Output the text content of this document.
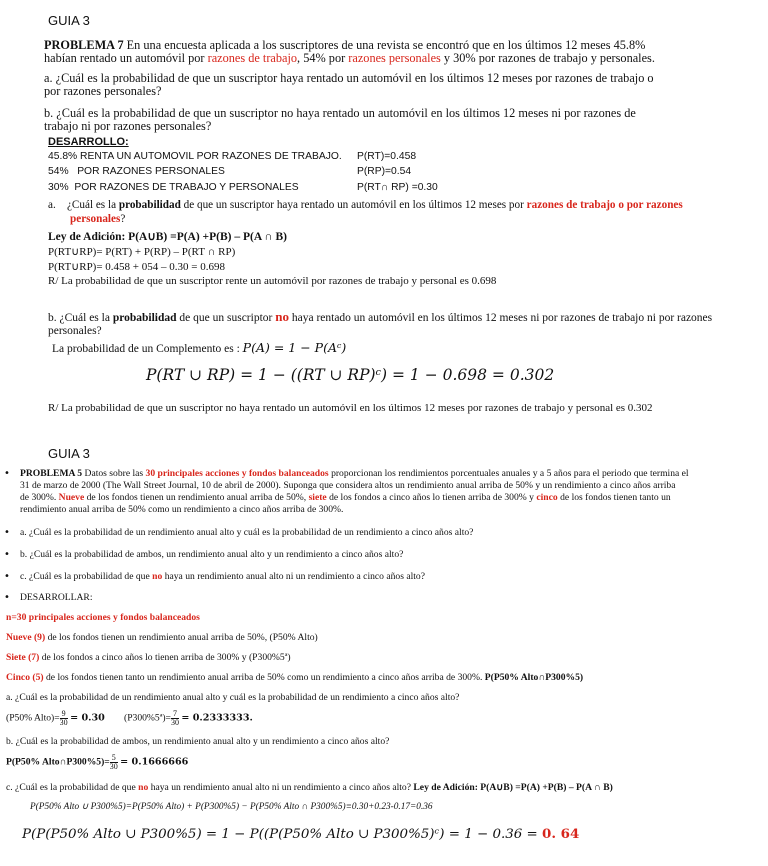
GUIA 3
PROBLEMA 7 En una encuesta aplicada a los suscriptores de una revista se encontró que en los últimos 12 meses 45.8%
habían rentado un automóvil por razones de trabajo, 54% por razones personales y 30% por razones de trabajo y personales.
a. ¿Cuál es la probabilidad de que un suscriptor haya rentado un automóvil en los últimos 12 meses por razones de trabajo o
por razones personales?
b. ¿Cuál es la probabilidad de que un suscriptor no haya rentado un automóvil en los últimos 12 meses ni por razones de
trabajo ni por razones personales?
DESARROLLO:
45.8% RENTA UN AUTOMOVIL POR RAZONES DE TRABAJO. P(RT)=0.458
54%   POR RAZONES PERSONALES	P(RP)=0.54
30%  POR RAZONES DE TRABAJO Y PERSONALES	P(RT∩ RP) =0.30
a. ¿Cuál es la probabilidad de que un suscriptor haya rentado un automóvil en los últimos 12 meses por razones de trabajo o por razones
personales?
Ley de Adición: P(A∪B) =P(A) +P(B) – P(A ∩ B)
P(RT∪RP)= P(RT) + P(RP) – P(RT ∩ RP)
P(RT∪RP)= 0.458 + 054 – 0.30 = 0.698
R/ La probabilidad de que un suscriptor rente un automóvil por razones de trabajo y personal es 0.698
b. ¿Cuál es la probabilidad de que un suscriptor no haya rentado un automóvil en los últimos 12 meses ni por razones de trabajo ni por razones
personales?
La probabilidad de un Complemento es : P(A) = 1 − P(Aᶜ)
P(RT ∪ RP) = 1 − ((RT ∪ RP)ᶜ) = 1 − 0.698 = 0.302
R/ La probabilidad de que un suscriptor no haya rentado un automóvil en los últimos 12 meses por razones de trabajo y personal es 0.302
GUIA 3
• PROBLEMA 5 Datos sobre las 30 principales acciones y fondos balanceados proporcionan los rendimientos porcentuales anuales y a 5 años para el periodo que termina el
31 de marzo de 2000 (The Wall Street Journal, 10 de abril de 2000). Suponga que considera altos un rendimiento anual arriba de 50% y un rendimiento a cinco años arriba
de 300%. Nueve de los fondos tienen un rendimiento anual arriba de 50%, siete de los fondos a cinco años lo tienen arriba de 300% y cinco de los fondos tienen tanto un
rendimiento anual arriba de 50% como un rendimiento a cinco años arriba de 300%.
• a. ¿Cuál es la probabilidad de un rendimiento anual alto y cuál es la probabilidad de un rendimiento a cinco años alto?
• b. ¿Cuál es la probabilidad de ambos, un rendimiento anual alto y un rendimiento a cinco años alto?
• c. ¿Cuál es la probabilidad de que no haya un rendimiento anual alto ni un rendimiento a cinco años alto?
• DESARROLLAR:
n=30 principales acciones y fondos balanceados
Nueve (9) de los fondos tienen un rendimiento anual arriba de 50%, (P50% Alto)
Siete (7) de los fondos a cinco años lo tienen arriba de 300% y (P300%5ª)
Cinco (5) de los fondos tienen tanto un rendimiento anual arriba de 50% como un rendimiento a cinco años arriba de 300%. P(P50% Alto∩P300%5)
a. ¿Cuál es la probabilidad de un rendimiento anual alto y cuál es la probabilidad de un rendimiento a cinco años alto?
(P50% Alto)= $\frac{9}{30} = 0.30$ (P300%5ª)= $\frac{7}{30} = 0.2333333$.
b. ¿Cuál es la probabilidad de ambos, un rendimiento anual alto y un rendimiento a cinco años alto?
P(P50% Alto∩P300%5)= $\frac{5}{30} = 0.1666666$
c. ¿Cuál es la probabilidad de que no haya un rendimiento anual alto ni un rendimiento a cinco años alto? Ley de Adición: P(A∪B) =P(A) +P(B) – P(A ∩ B)
P(P50% Alto ∪ P300%5)=P(P50% Alto) + P(P300%5) − P(P50% Alto ∩ P300%5)≡0.30+0.23-0.17=0.36
P(P(P50% Alto ∪ P300%5) = 1 − P((P(P50% Alto ∪ P300%5)ᶜ) = 1 − 0.36 = 0. 64
